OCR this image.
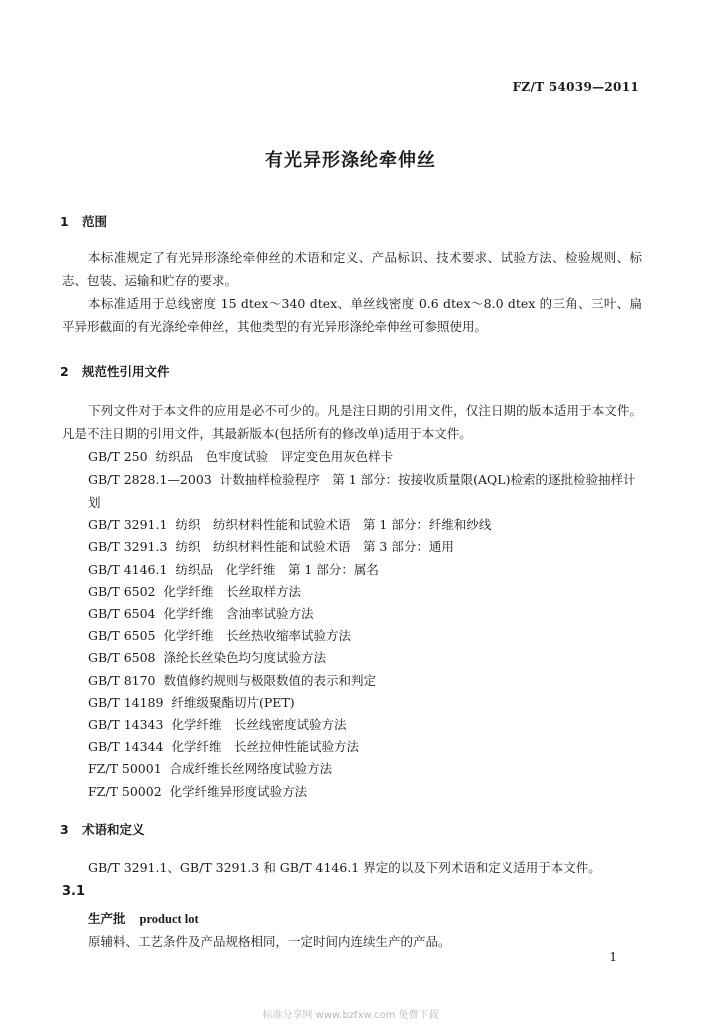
FZ/T 54039—2011
有光异形涤纶牵伸丝
1 范围
本标准规定了有光异形涤纶牵伸丝的术语和定义、产品标识、技术要求、试验方法、检验规则、标志、包装、运输和贮存的要求。
本标准适用于总线密度 15 dtex～340 dtex、单丝线密度 0.6 dtex～8.0 dtex 的三角、三叶、扁平异形截面的有光涤纶牵伸丝，其他类型的有光异形涤纶牵伸丝可参照使用。
2 规范性引用文件
下列文件对于本文件的应用是必不可少的。凡是注日期的引用文件，仅注日期的版本适用于本文件。凡是不注日期的引用文件，其最新版本(包括所有的修改单)适用于本文件。
GB/T 250 纺织品　色牢度试验　评定变色用灰色样卡
GB/T 2828.1—2003 计数抽样检验程序　第 1 部分：按接收质量限(AQL)检索的逐批检验抽样计划
GB/T 3291.1 纺织　纺织材料性能和试验术语　第 1 部分：纤维和纱线
GB/T 3291.3 纺织　纺织材料性能和试验术语　第 3 部分：通用
GB/T 4146.1 纺织品　化学纤维　第 1 部分：属名
GB/T 6502 化学纤维　长丝取样方法
GB/T 6504 化学纤维　含油率试验方法
GB/T 6505 化学纤维　长丝热收缩率试验方法
GB/T 6508 涤纶长丝染色均匀度试验方法
GB/T 8170 数值修约规则与极限数值的表示和判定
GB/T 14189 纤维级聚酯切片(PET)
GB/T 14343 化学纤维　长丝线密度试验方法
GB/T 14344 化学纤维　长丝拉伸性能试验方法
FZ/T 50001 合成纤维长丝网络度试验方法
FZ/T 50002 化学纤维异形度试验方法
3 术语和定义
GB/T 3291.1、GB/T 3291.3 和 GB/T 4146.1 界定的以及下列术语和定义适用于本文件。
3.1
生产批 product lot
原辅料、工艺条件及产品规格相同，一定时间内连续生产的产品。
1
标准分享网 www.bzfxw.com 免费下载
